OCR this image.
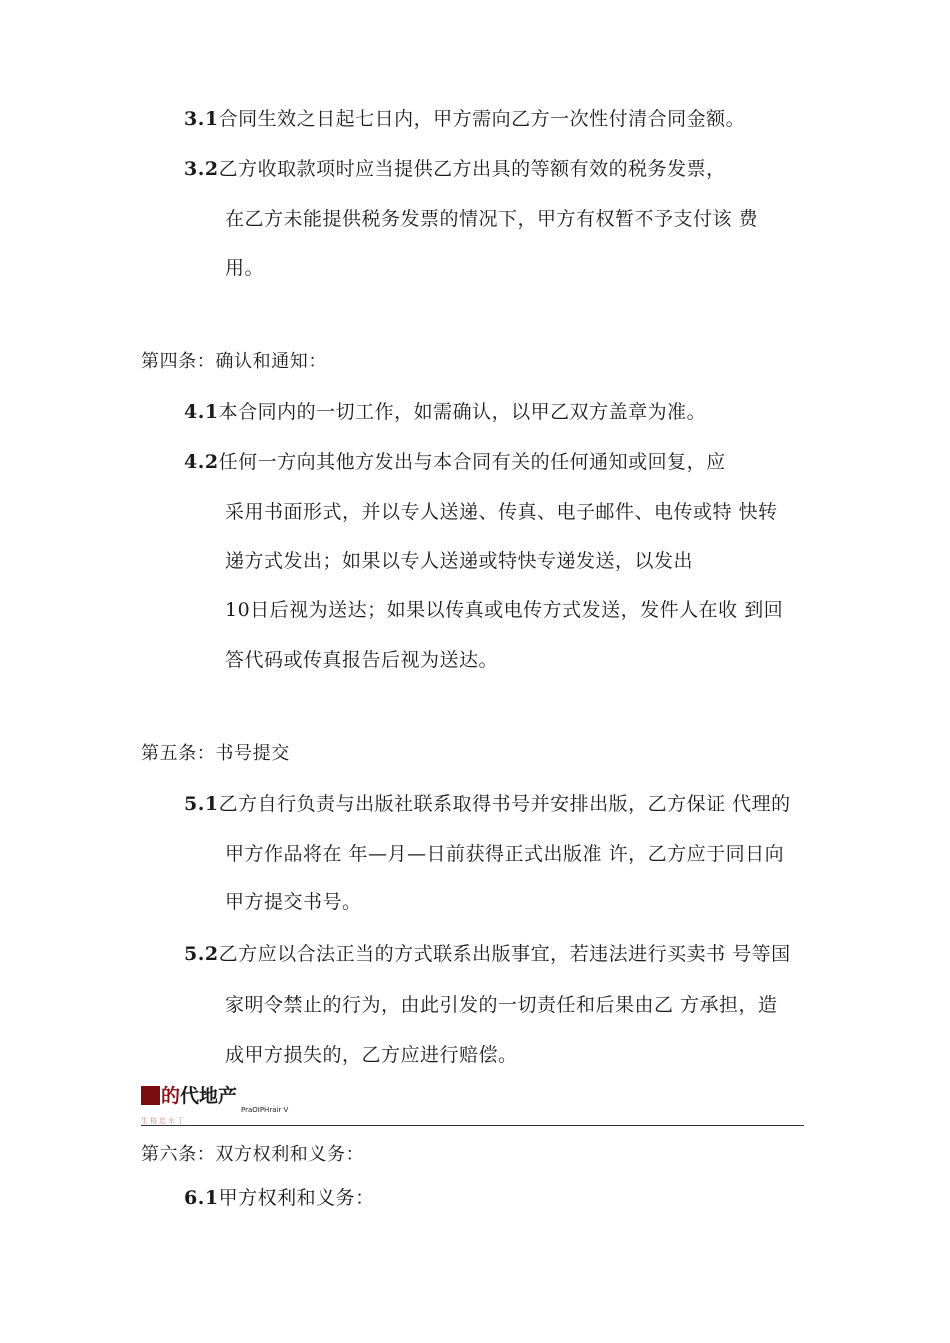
3.1合同生效之日起七日内，甲方需向乙方一次性付清合同金额。
3.2乙方收取款项时应当提供乙方出具的等额有效的税务发票，
在乙方未能提供税务发票的情况下，甲方有权暂不予支付该 费
用。
第四条：确认和通知：
4.1本合同内的一切工作，如需确认，以甲乙双方盖章为准。
4.2任何一方向其他方发出与本合同有关的任何通知或回复，应
采用书面形式，并以专人送递、传真、电子邮件、电传或特 快转
递方式发出；如果以专人送递或特快专递发送，以发出
10日后视为送达；如果以传真或电传方式发送，发件人在收 到回
答代码或传真报告后视为送达。
第五条：书号提交
5.1乙方自行负责与出版社联系取得书号并安排出版，乙方保证 代理的
甲方作品将在 年—月—日前获得正式出版准 许，乙方应于同日向
甲方提交书号。
5.2乙方应以合法正当的方式联系出版事宜，若违法进行买卖书 号等国
家明令禁止的行为，由此引发的一切责任和后果由乙 方承担，造
成甲方损失的，乙方应进行赔偿。
的代地产
PraOIPHrair V
生格迄水丁
第六条：双方权利和义务：
6.1甲方权利和义务：
